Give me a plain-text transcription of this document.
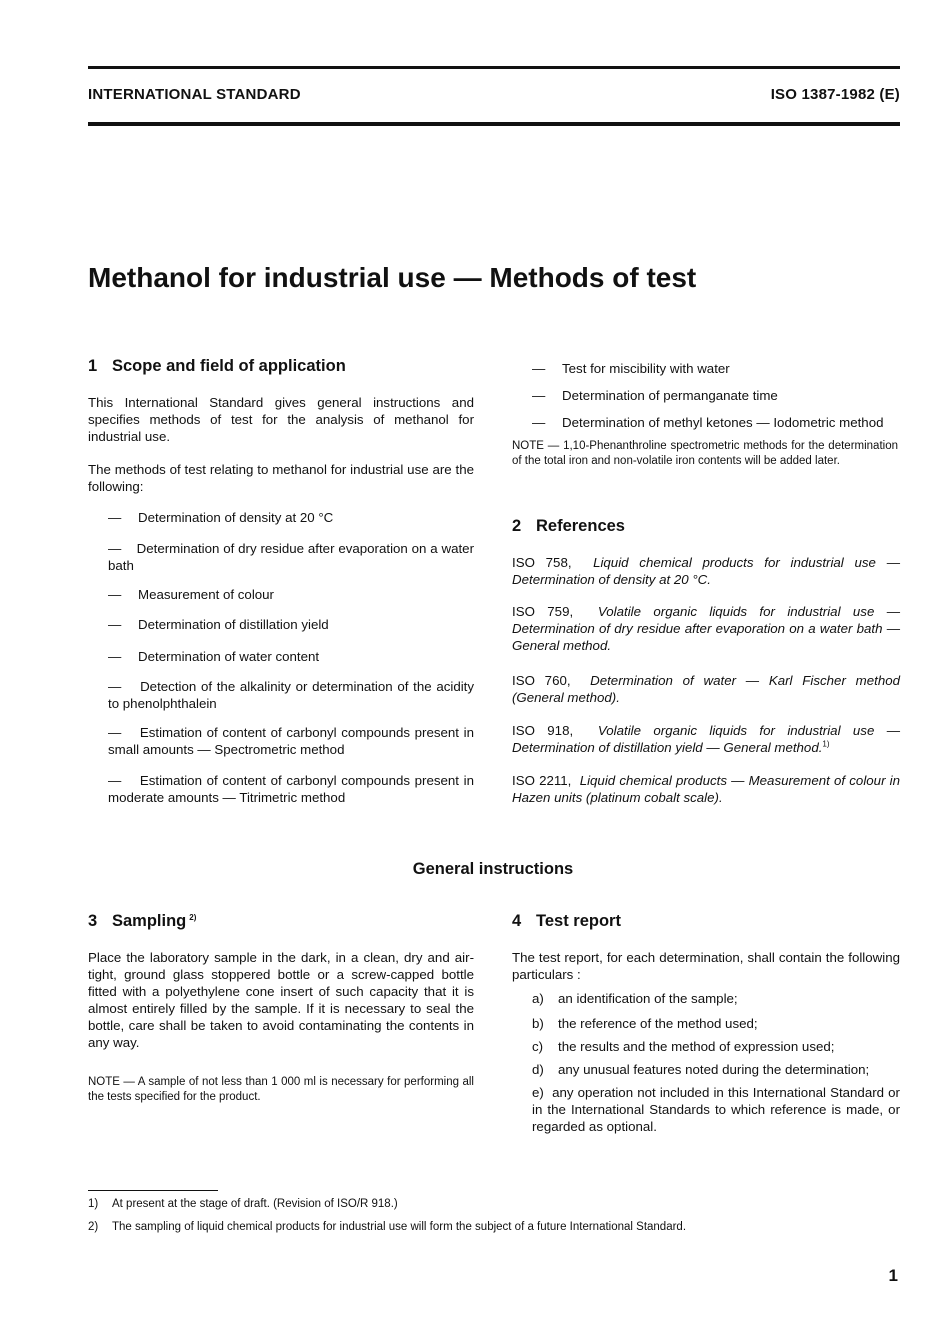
INTERNATIONAL STANDARD	ISO 1387-1982 (E)
Methanol for industrial use — Methods of test
1 Scope and field of application

This International Standard gives general instructions and specifies methods of test for the analysis of methanol for industrial use.

The methods of test relating to methanol for industrial use are the following:

— Determination of density at 20 °C

—    Determination of dry residue after evaporation on a water bath

— Measurement of colour

— Determination of distillation yield

— Determination of water content

—    Detection of the alkalinity or determination of the acidity to phenolphthalein

—    Estimation of content of carbonyl compounds present in small amounts — Spectrometric method

—    Estimation of content of carbonyl compounds present in moderate amounts — Titrimetric method

— Test for miscibility with water

— Determination of permanganate time

— Determination of methyl ketones — Iodometric method

NOTE — 1,10-Phenanthroline spectrometric methods for the determination of the total iron and non-volatile iron contents will be added later.

2 References

ISO 758, Liquid chemical products for industrial use — Determination of density at 20 °C.

ISO 759, Volatile organic liquids for industrial use — Determination of dry residue after evaporation on a water bath — General method.

ISO 760, Determination of water — Karl Fischer method (General method).

ISO 918, Volatile organic liquids for industrial use — Determination of distillation yield — General method.$^{1)}$

ISO 2211, Liquid chemical products — Measurement of colour in Hazen units (platinum cobalt scale).

General instructions
3 Sampling $^{2)}$

Place the laboratory sample in the dark, in a clean, dry and air-tight, ground glass stoppered bottle or a screw-capped bottle fitted with a polyethylene cone insert of such capacity that it is almost entirely filled by the sample. If it is necessary to seal the bottle, care shall be taken to avoid contaminating the contents in any way.

NOTE — A sample of not less than 1 000 ml is necessary for performing all the tests specified for the product.

4 Test report

The test report, for each determination, shall contain the following particulars :

a) an identification of the sample;

b) the reference of the method used;

c) the results and the method of expression used;

d) any unusual features noted during the determination;

e) any operation not included in this International Standard or in the International Standards to which reference is made, or regarded as optional.

1) At present at the stage of draft. (Revision of ISO/R 918.)

2) The sampling of liquid chemical products for industrial use will form the subject of a future International Standard.

1
